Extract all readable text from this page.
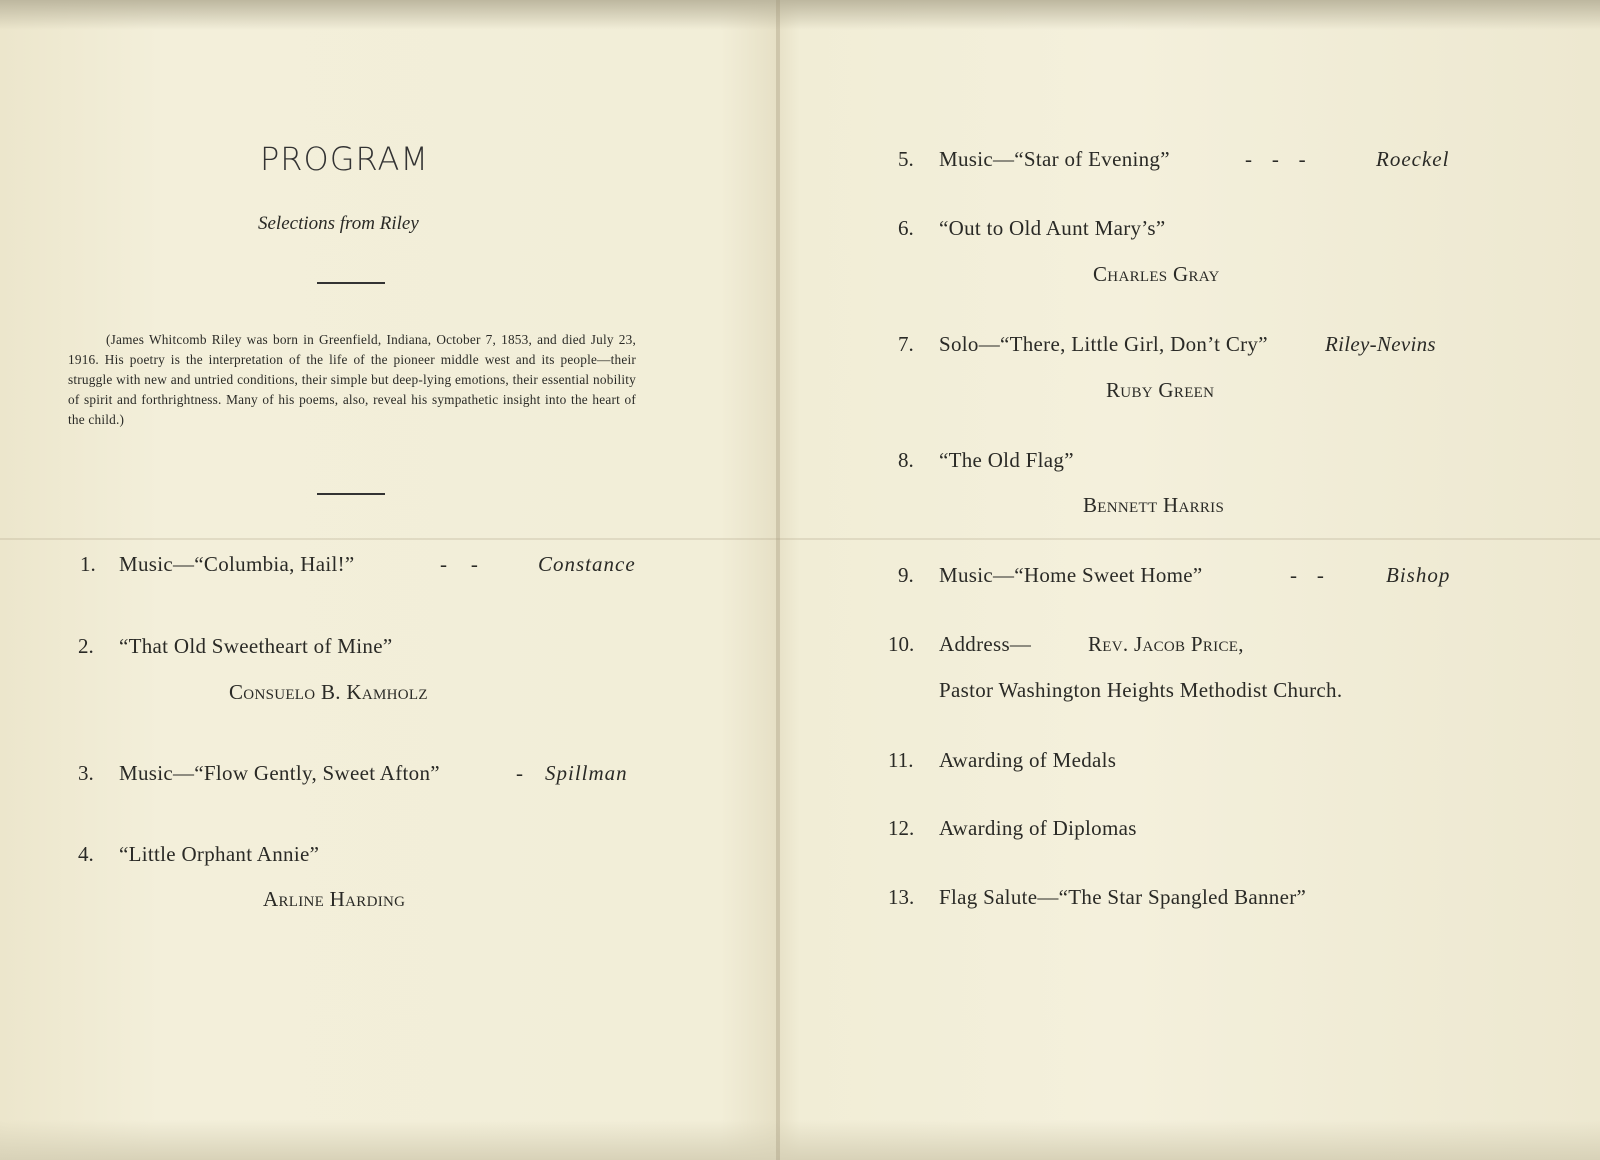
PROGRAM
Selections from Riley
(James Whitcomb Riley was born in Greenfield, Indiana, October 7, 1853, and died July 23, 1916. His poetry is the interpretation of the life of the pioneer middle west and its people—their struggle with new and untried conditions, their simple but deep-lying emotions, their essential nobility of spirit and forthrightness. Many of his poems, also, reveal his sympathetic insight into the heart of the child.)
1. Music—“Columbia, Hail!”	- -	Constance
2. “That Old Sweetheart of Mine”
Consuelo B. Kamholz
3. Music—“Flow Gently, Sweet Afton”	- Spillman
4. “Little Orphant Annie”
Arline Harding
5. Music—“Star of Evening”	- - -	Roeckel
6. “Out to Old Aunt Mary’s”
Charles Gray
7. Solo—“There, Little Girl, Don’t Cry”	Riley-Nevins
Ruby Green
8. “The Old Flag”
Bennett Harris
9. Music—“Home Sweet Home”	- -	Bishop
10. Address—	Rev. Jacob Price,
Pastor Washington Heights Methodist Church.
11. Awarding of Medals
12. Awarding of Diplomas
13. Flag Salute—“The Star Spangled Banner”
